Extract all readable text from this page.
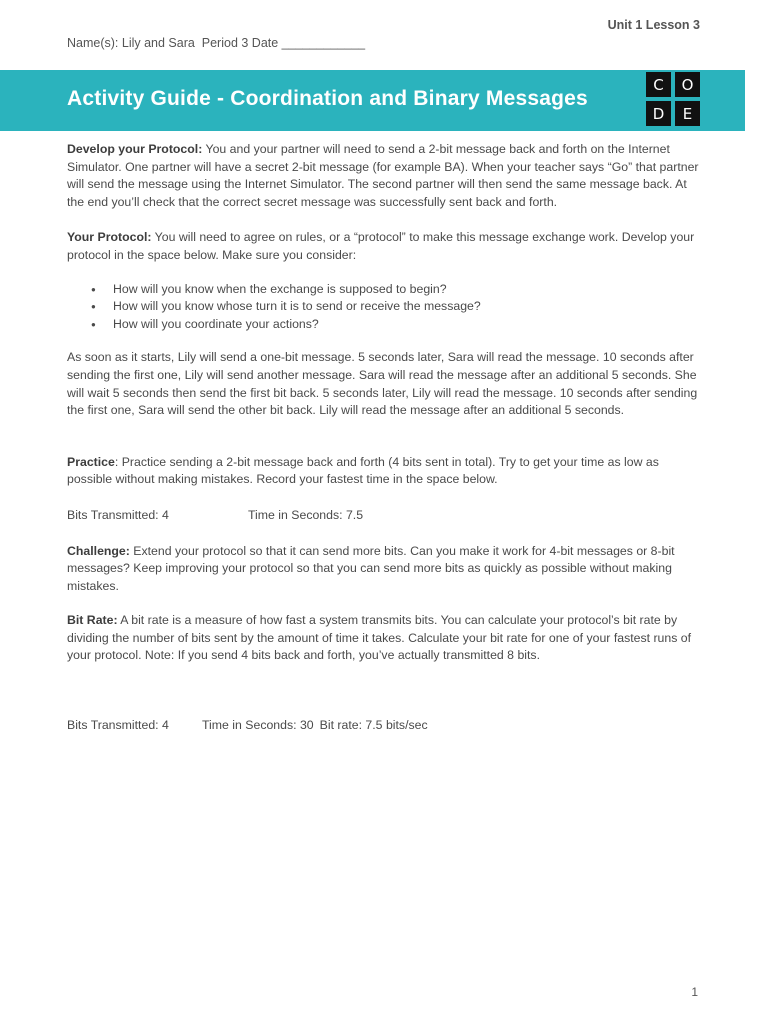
Unit 1 Lesson 3
Name(s): Lily and Sara  Period 3 Date ____________
Activity Guide - Coordination and Binary Messages
C	O
D	E

Develop your Protocol: You and your partner will need to send a 2-bit message back and forth on the Internet Simulator. One partner will have a secret 2-bit message (for example BA). When your teacher says “Go” that partner will send the message using the Internet Simulator. The second partner will then send the same message back. At the end you’ll check that the correct secret message was successfully sent back and forth.

Your Protocol: You will need to agree on rules, or a “protocol” to make this message exchange work. Develop your protocol in the space below. Make sure you consider:

● How will you know when the exchange is supposed to begin?
● How will you know whose turn it is to send or receive the message?
● How will you coordinate your actions?

As soon as it starts, Lily will send a one-bit message. 5 seconds later, Sara will read the message. 10 seconds after sending the first one, Lily will send another message. Sara will read the message after an additional 5 seconds. She will wait 5 seconds then send the first bit back. 5 seconds later, Lily will read the message. 10 seconds after sending the first one, Sara will send the other bit back. Lily will read the message after an additional 5 seconds.

Practice: Practice sending a 2-bit message back and forth (4 bits sent in total). Try to get your time as low as possible without making mistakes. Record your fastest time in the space below.

Bits Transmitted: 4	Time in Seconds: 7.5

Challenge: Extend your protocol so that it can send more bits. Can you make it work for 4-bit messages or 8-bit messages? Keep improving your protocol so that you can send more bits as quickly as possible without making mistakes.

Bit Rate: A bit rate is a measure of how fast a system transmits bits. You can calculate your protocol’s bit rate by dividing the number of bits sent by the amount of time it takes. Calculate your bit rate for one of your fastest runs of your protocol. Note: If you send 4 bits back and forth, you’ve actually transmitted 8 bits.

Bits Transmitted: 4	Time in Seconds: 30 Bit rate: 7.5 bits/sec

1
